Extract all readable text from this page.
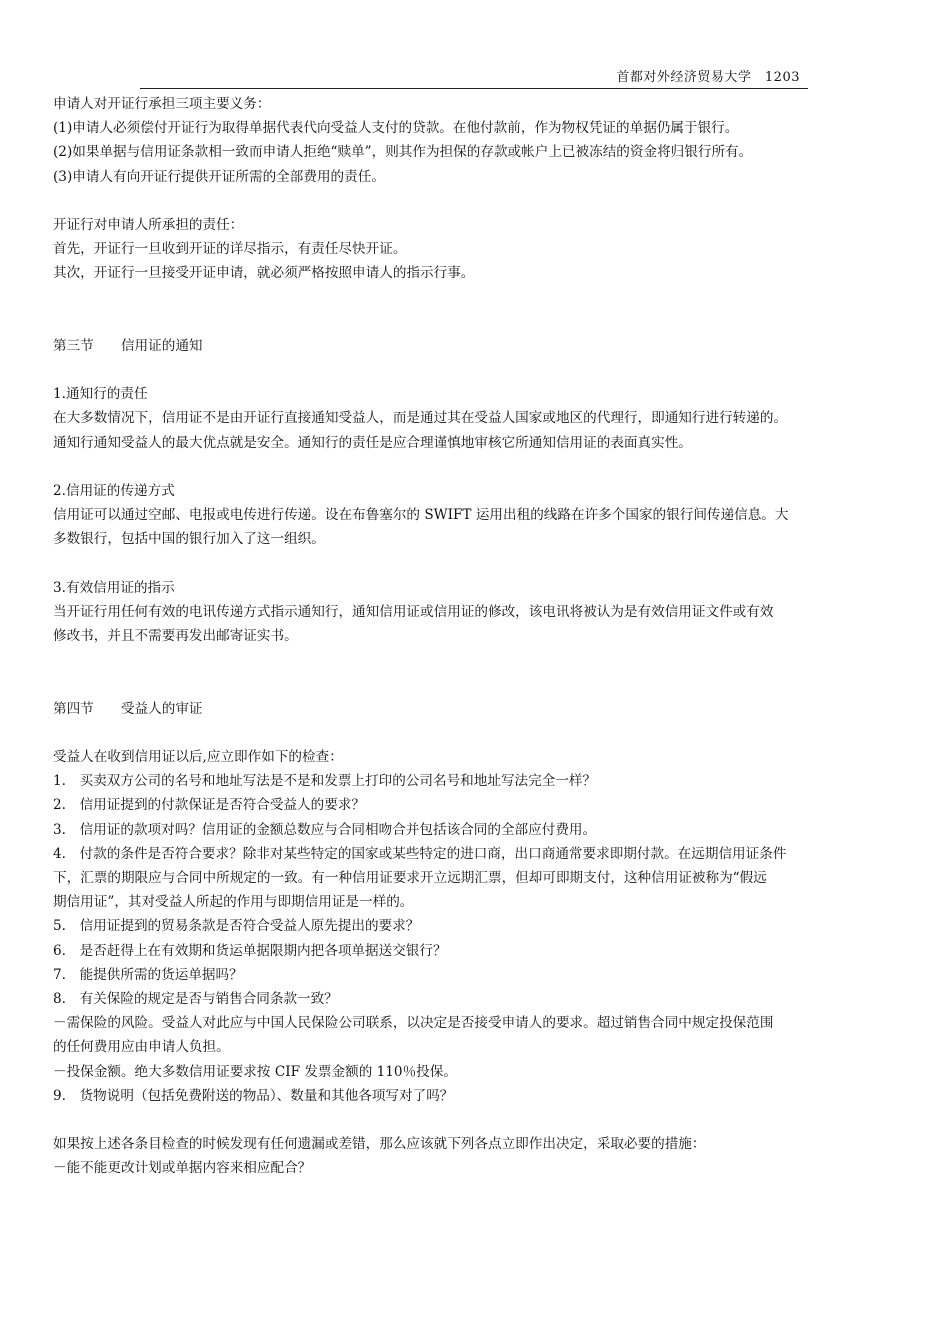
首都对外经济贸易大学　1203
申请人对开证行承担三项主要义务：
(1)申请人必须偿付开证行为取得单据代表代向受益人支付的贷款。在他付款前，作为物权凭证的单据仍属于银行。
(2)如果单据与信用证条款相一致而申请人拒绝“赎单”，则其作为担保的存款或帐户上已被冻结的资金将归银行所有。
(3)申请人有向开证行提供开证所需的全部费用的责任。
开证行对申请人所承担的责任：
首先，开证行一旦收到开证的详尽指示，有责任尽快开证。
其次，开证行一旦接受开证申请，就必须严格按照申请人的指示行事。
第三节　　信用证的通知
1.通知行的责任
在大多数情况下，信用证不是由开证行直接通知受益人，而是通过其在受益人国家或地区的代理行，即通知行进行转递的。
通知行通知受益人的最大优点就是安全。通知行的责任是应合理谨慎地审核它所通知信用证的表面真实性。
2.信用证的传递方式
信用证可以通过空邮、电报或电传进行传递。设在布鲁塞尔的 SWIFT 运用出租的线路在许多个国家的银行间传递信息。大
多数银行，包括中国的银行加入了这一组织。
3.有效信用证的指示
当开证行用任何有效的电讯传递方式指示通知行，通知信用证或信用证的修改，该电讯将被认为是有效信用证文件或有效
修改书，并且不需要再发出邮寄证实书。
第四节　　受益人的审证
受益人在收到信用证以后,应立即作如下的检查：
1.　买卖双方公司的名号和地址写法是不是和发票上打印的公司名号和地址写法完全一样？
2.　信用证提到的付款保证是否符合受益人的要求？
3.　信用证的款项对吗？信用证的金额总数应与合同相吻合并包括该合同的全部应付费用。
4.　付款的条件是否符合要求？除非对某些特定的国家或某些特定的进口商，出口商通常要求即期付款。在远期信用证条件
下，汇票的期限应与合同中所规定的一致。有一种信用证要求开立远期汇票，但却可即期支付，这种信用证被称为“假远
期信用证”，其对受益人所起的作用与即期信用证是一样的。
5.　信用证提到的贸易条款是否符合受益人原先提出的要求？
6.　是否赶得上在有效期和货运单据限期内把各项单据送交银行？
7.　能提供所需的货运单据吗？
8.　有关保险的规定是否与销售合同条款一致？
－需保险的风险。受益人对此应与中国人民保险公司联系，以决定是否接受申请人的要求。超过销售合同中规定投保范围
的任何费用应由申请人负担。
－投保金额。绝大多数信用证要求按 CIF 发票金额的 110％投保。
9.　货物说明（包括免费附送的物品）、数量和其他各项写对了吗？
如果按上述各条目检查的时候发现有任何遗漏或差错，那么应该就下列各点立即作出决定，采取必要的措施：
－能不能更改计划或单据内容来相应配合？
